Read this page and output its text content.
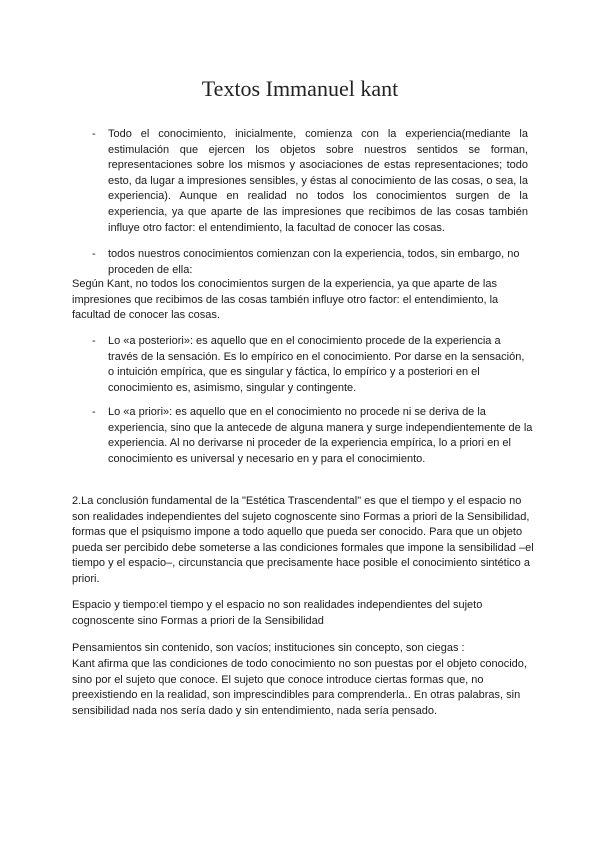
Textos Immanuel kant
- Todo el conocimiento, inicialmente, comienza con la experiencia(mediante la estimulación que ejercen los objetos sobre nuestros sentidos se forman, representaciones sobre los mismos y asociaciones de estas representaciones; todo esto, da lugar a impresiones sensibles, y éstas al conocimiento de las cosas, o sea, la experiencia). Aunque en realidad no todos los conocimientos surgen de la experiencia, ya que aparte de las impresiones que recibimos de las cosas también influye otro factor: el entendimiento, la facultad de conocer las cosas.

- todos nuestros conocimientos comienzan con la experiencia, todos, sin embargo, no proceden de ella:

Según Kant, no todos los conocimientos surgen de la experiencia, ya que aparte de las impresiones que recibimos de las cosas también influye otro factor: el entendimiento, la facultad de conocer las cosas.

- Lo «a posteriori»: es aquello que en el conocimiento procede de la experiencia a través de la sensación. Es lo empírico en el conocimiento. Por darse en la sensación, o intuición empírica, que es singular y fáctica, lo empírico y a posteriori en el conocimiento es, asimismo, singular y contingente.

- Lo «a priori»: es aquello que en el conocimiento no procede ni se deriva de la experiencia, sino que la antecede de alguna manera y surge independientemente de la experiencia. Al no derivarse ni proceder de la experiencia empírica, lo a priori en el conocimiento es universal y necesario en y para el conocimiento.

2.La conclusión fundamental de la "Estética Trascendental" es que el tiempo y el espacio no son realidades independientes del sujeto cognoscente sino Formas a priori de la Sensibilidad, formas que el psiquismo impone a todo aquello que pueda ser conocido. Para que un objeto pueda ser percibido debe someterse a las condiciones formales que impone la sensibilidad –el tiempo y el espacio–, circunstancia que precisamente hace posible el conocimiento sintético a priori.

Espacio y tiempo:el tiempo y el espacio no son realidades independientes del sujeto cognoscente sino Formas a priori de la Sensibilidad

Pensamientos sin contenido, son vacíos; instituciones sin concepto, son ciegas :

Kant afirma que las condiciones de todo conocimiento no son puestas por el objeto conocido, sino por el sujeto que conoce. El sujeto que conoce introduce ciertas formas que, no preexistiendo en la realidad, son imprescindibles para comprenderla.. En otras palabras, sin sensibilidad nada nos sería dado y sin entendimiento, nada sería pensado.
